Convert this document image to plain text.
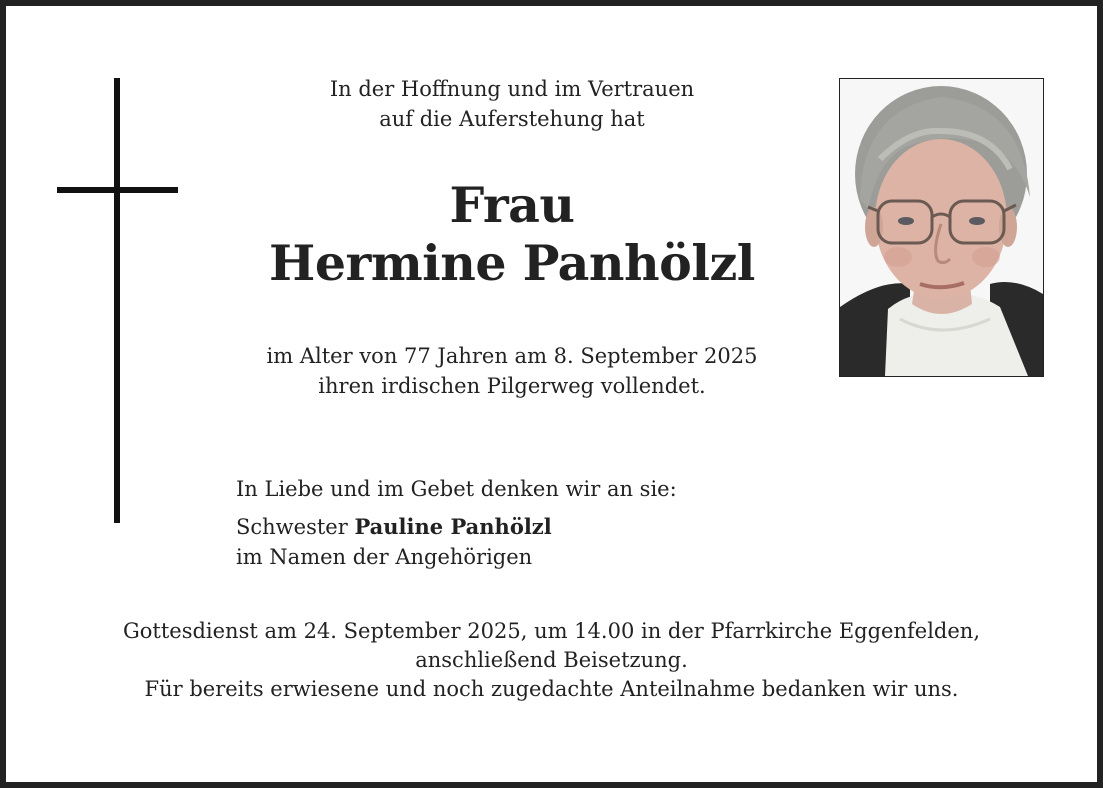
In der Hoffnung und im Vertrauen
auf die Auferstehung hat
Frau
Hermine Panhölzl
im Alter von 77 Jahren am 8. September 2025
ihren irdischen Pilgerweg vollendet.
In Liebe und im Gebet denken wir an sie:
Schwester Pauline Panhölzl
im Namen der Angehörigen
Gottesdienst am 24. September 2025, um 14.00 in der Pfarrkirche Eggenfelden,
anschließend Beisetzung.
Für bereits erwiesene und noch zugedachte Anteilnahme bedanken wir uns.
